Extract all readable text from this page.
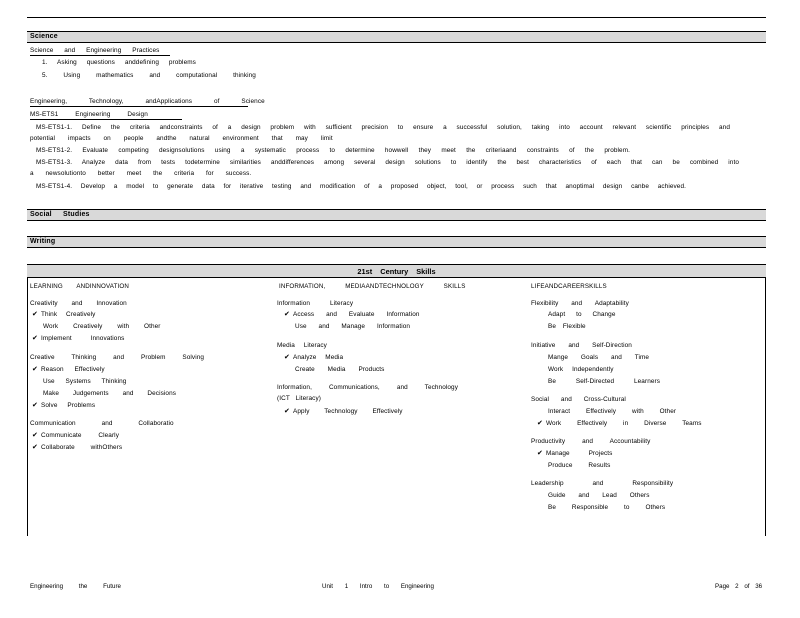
Science
Science and Engineering Practices
1. Asking questions anddefining problems
5. Using mathematics and computational thinking
Engineering, Technology, andApplications of Science
MS-ETS1 Engineering Design
MS-ETS1-1. Define the criteria andconstraints of a design problem with sufficient precision to ensure a successful solution, taking into account relevant scientific principles and
potential impacts on people andthe natural environment that may limit
MS-ETS1-2. Evaluate competing designsolutions using a systematic process to determine howwell they meet the criteriaand constraints of the problem.
MS-ETS1-3. Analyze data from tests todetermine similarities anddifferences among several design solutions to identify the best characteristics of each that can be combined into
a newsolutionto better meet the criteria for success.
MS-ETS1-4. Develop a model to generate data for iterative testing and modification of a proposed object, tool, or process such that anoptimal design canbe achieved.
Social Studies
Writing
21st Century Skills
LEARNING ANDINNOVATION
Creativity and Innovation
✔ Think Creatively
Work Creatively with Other
✔ Implement Innovations
Creative Thinking and Problem Solving
✔ Reason Effectively
Use Systems Thinking
Make Judgements and Decisions
✔ Solve Problems
Communication and Collaboratio
✔ Communicate Clearly
✔ Collaborate withOthers
INFORMATION, MEDIAANDTECHNOLOGY SKILLS
Information Literacy
✔ Access and Evaluate Information
Use and Manage Information
Media Literacy
✔ Analyze Media
Create Media Products
Information, Communications, and Technology
(ICT Literacy)
✔ Apply Technology Effectively
LIFEANDCAREERSKILLS
Flexibility and Adaptability
Adapt to Change
Be Flexible
Initiative and Self-Direction
Mange Goals and Time
Work Independently
Be Self-Directed Learners
Social and Cross-Cultural
Interact Effectively with Other
✔ Work Effectively in Diverse Teams
Productivity and Accountability
✔ Manage Projects
Produce Results
Leadership and Responsibility
Guide and Lead Others
Be Responsible to Others
Engineering the Future	Unit 1 Intro to Engineering	Page 2 of 36
